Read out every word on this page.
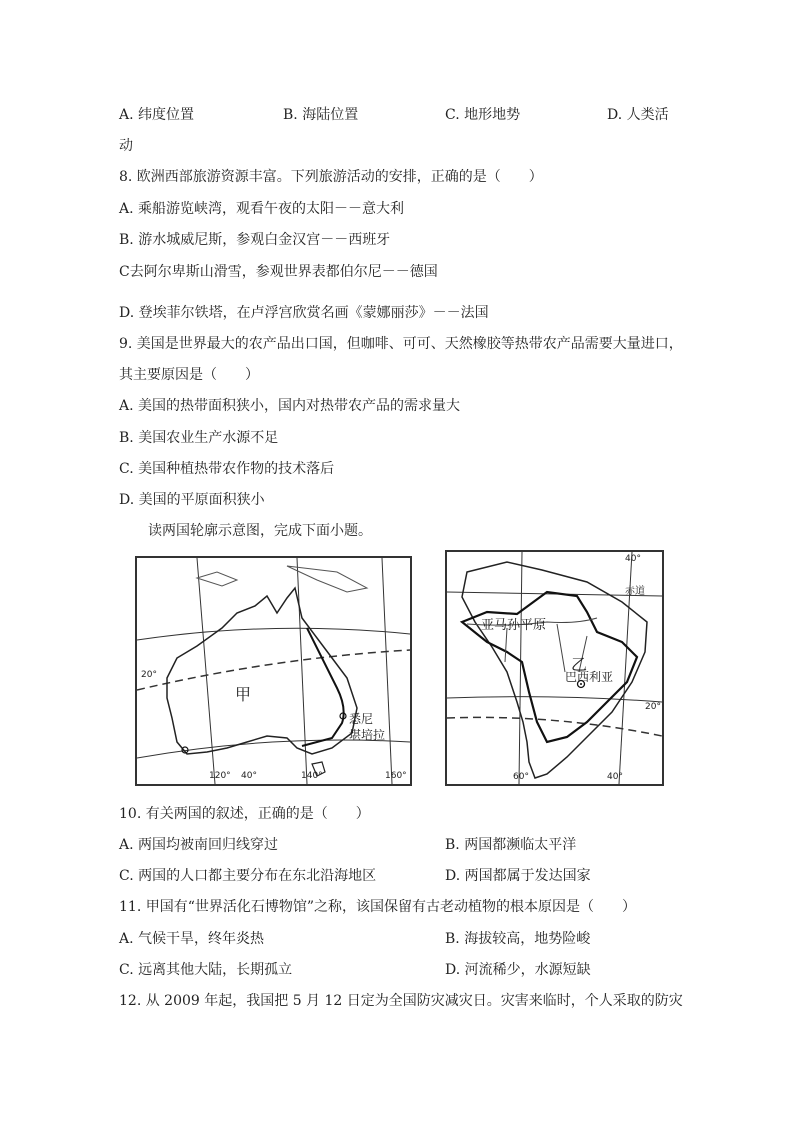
A. 纬度位置	B. 海陆位置	C. 地形地势	D. 人类活
动
8. 欧洲西部旅游资源丰富。下列旅游活动的安排，正确的是（　　）
A. 乘船游览峡湾，观看午夜的太阳－－意大利
B. 游水城威尼斯，参观白金汉宫－－西班牙
C去阿尔卑斯山滑雪，参观世界表都伯尔尼－－德国
D. 登埃菲尔铁塔，在卢浮宫欣赏名画《蒙娜丽莎》－－法国
9. 美国是世界最大的农产品出口国，但咖啡、可可、天然橡胶等热带农产品需要大量进口，
其主要原因是（　　）
A. 美国的热带面积狭小，国内对热带农产品的需求量大
B. 美国农业生产水源不足
C. 美国种植热带农作物的技术落后
D. 美国的平原面积狭小
读两国轮廓示意图，完成下面小题。
甲
悉尼
堪培拉
20°
120° 40°	140°	160°
亚马孙平原
乙
巴西利亚
赤道
40°
20°
60°	40°
10. 有关两国的叙述，正确的是（　　）
A. 两国均被南回归线穿过	B. 两国都濒临太平洋
C. 两国的人口都主要分布在东北沿海地区	D. 两国都属于发达国家
11. 甲国有“世界活化石博物馆”之称，该国保留有古老动植物的根本原因是（　　）
A. 气候干旱，终年炎热	B. 海拔较高，地势险峻
C. 远离其他大陆，长期孤立	D. 河流稀少，水源短缺
12. 从 2009 年起，我国把 5 月 12 日定为全国防灾减灾日。灾害来临时，个人采取的防灾
